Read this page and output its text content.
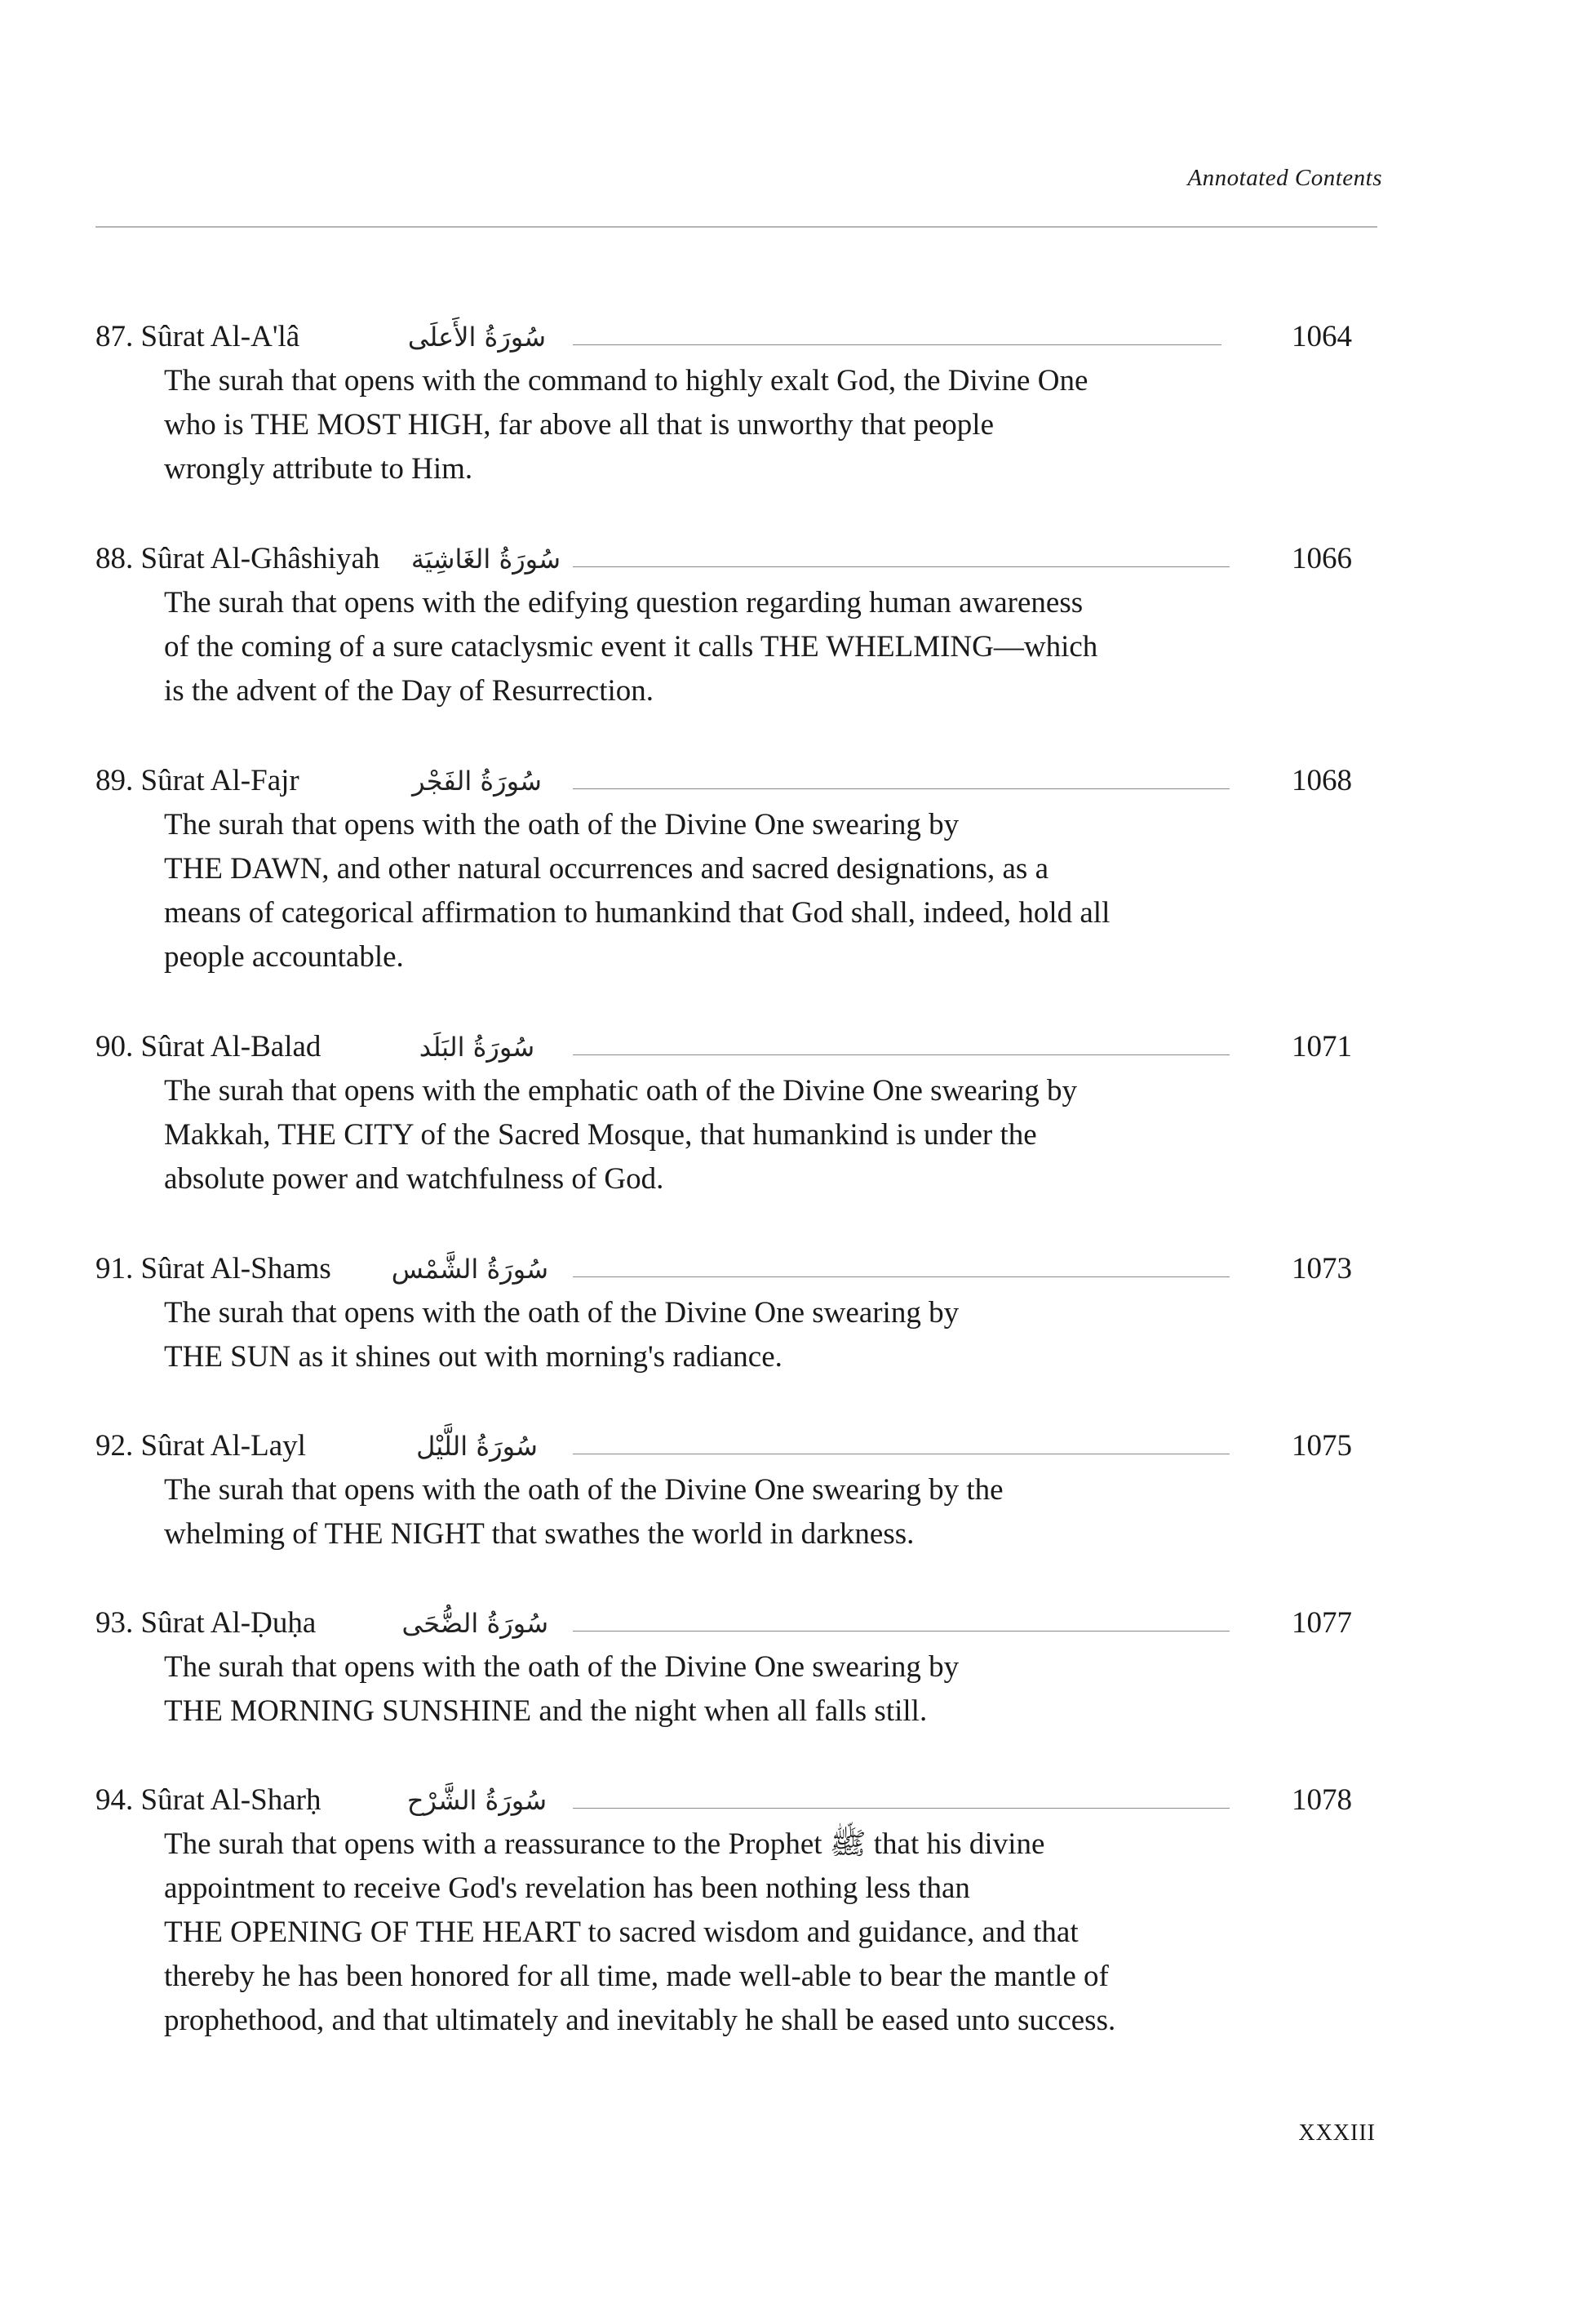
Annotated Contents
87. Sûrat Al-A'lâ	سُورَةُ الأَعلَى	1064
The surah that opens with the command to highly exalt God, the Divine One
who is THE MOST HIGH, far above all that is unworthy that people
wrongly attribute to Him.
88. Sûrat Al-Ghâshiyah سُورَةُ الغَاشِيَة	1066
The surah that opens with the edifying question regarding human awareness
of the coming of a sure cataclysmic event it calls THE WHELMING—which
is the advent of the Day of Resurrection.
89. Sûrat Al-Fajr	سُورَةُ الفَجْر	1068
The surah that opens with the oath of the Divine One swearing by
THE DAWN, and other natural occurrences and sacred designations, as a
means of categorical affirmation to humankind that God shall, indeed, hold all
people accountable.
90. Sûrat Al-Balad	سُورَةُ البَلَد	1071
The surah that opens with the emphatic oath of the Divine One swearing by
Makkah, THE CITY of the Sacred Mosque, that humankind is under the
absolute power and watchfulness of God.
91. Sûrat Al-Shams سُورَةُ الشَّمْس	1073
The surah that opens with the oath of the Divine One swearing by
THE SUN as it shines out with morning's radiance.
92. Sûrat Al-Layl	سُورَةُ اللَّيْل	1075
The surah that opens with the oath of the Divine One swearing by the
whelming of THE NIGHT that swathes the world in darkness.
93. Sûrat Al-Ḍuḥa	سُورَةُ الضُّحَى	1077
The surah that opens with the oath of the Divine One swearing by
THE MORNING SUNSHINE and the night when all falls still.
94. Sûrat Al-Sharḥ	سُورَةُ الشَّرْح	1078
The surah that opens with a reassurance to the Prophet ﷺ that his divine
appointment to receive God's revelation has been nothing less than
THE OPENING OF THE HEART to sacred wisdom and guidance, and that
thereby he has been honored for all time, made well-able to bear the mantle of
prophethood, and that ultimately and inevitably he shall be eased unto success.
XXXIII
